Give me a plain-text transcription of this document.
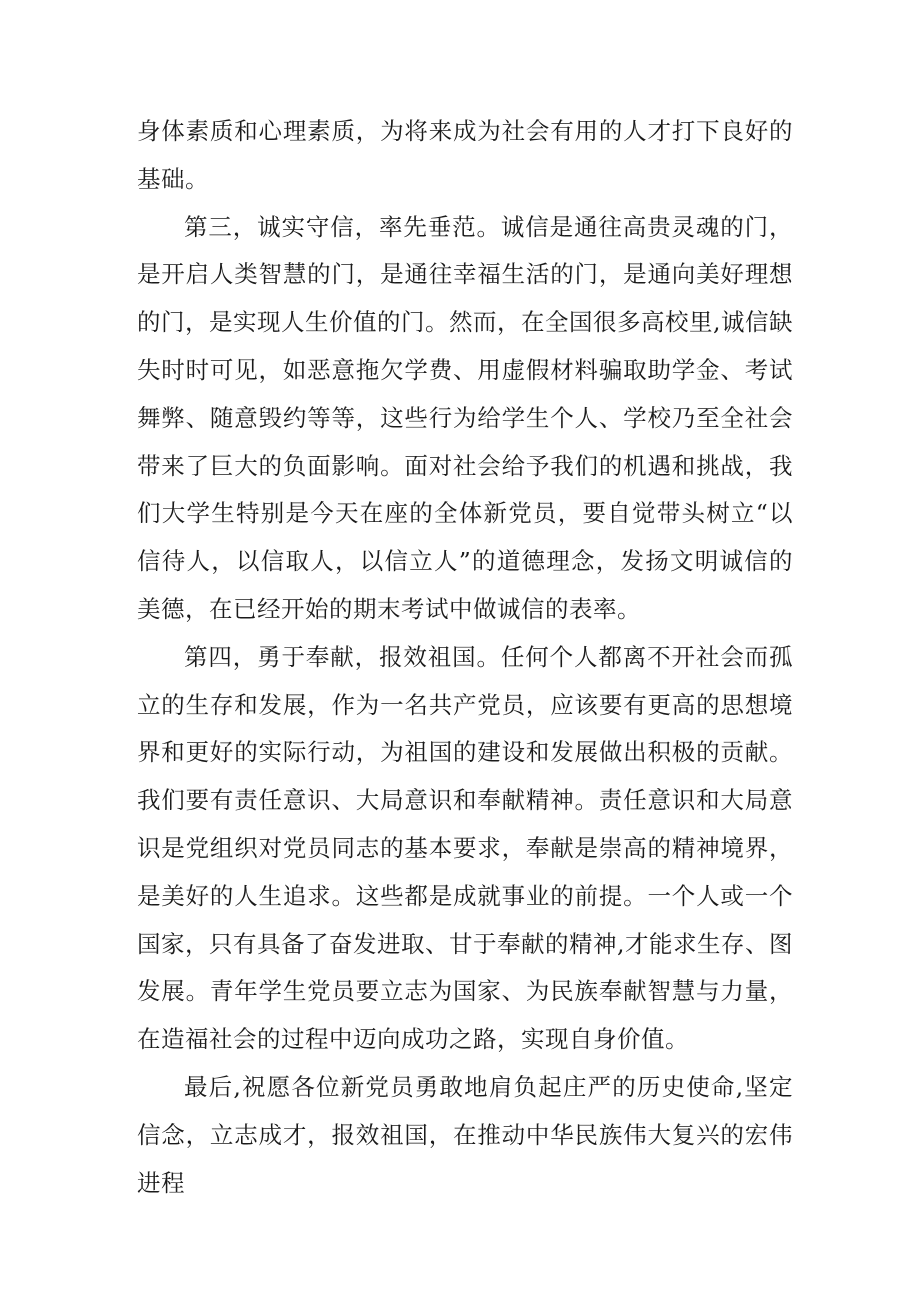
身体素质和心理素质，为将来成为社会有用的人才打下良好的基础。

第三，诚实守信，率先垂范。诚信是通往高贵灵魂的门，是开启人类智慧的门，是通往幸福生活的门，是通向美好理想的门，是实现人生价值的门。然而，在全国很多高校里,诚信缺失时时可见，如恶意拖欠学费、用虚假材料骗取助学金、考试舞弊、随意毁约等等，这些行为给学生个人、学校乃至全社会带来了巨大的负面影响。面对社会给予我们的机遇和挑战，我们大学生特别是今天在座的全体新党员，要自觉带头树立“以信待人，以信取人，以信立人”的道德理念，发扬文明诚信的美德，在已经开始的期末考试中做诚信的表率。

第四，勇于奉献，报效祖国。任何个人都离不开社会而孤立的生存和发展，作为一名共产党员，应该要有更高的思想境界和更好的实际行动，为祖国的建设和发展做出积极的贡献。我们要有责任意识、大局意识和奉献精神。责任意识和大局意识是党组织对党员同志的基本要求，奉献是崇高的精神境界，是美好的人生追求。这些都是成就事业的前提。一个人或一个国家，只有具备了奋发进取、甘于奉献的精神,才能求生存、图发展。青年学生党员要立志为国家、为民族奉献智慧与力量，在造福社会的过程中迈向成功之路，实现自身价值。

最后,祝愿各位新党员勇敢地肩负起庄严的历史使命,坚定信念，立志成才，报效祖国，在推动中华民族伟大复兴的宏伟进程
